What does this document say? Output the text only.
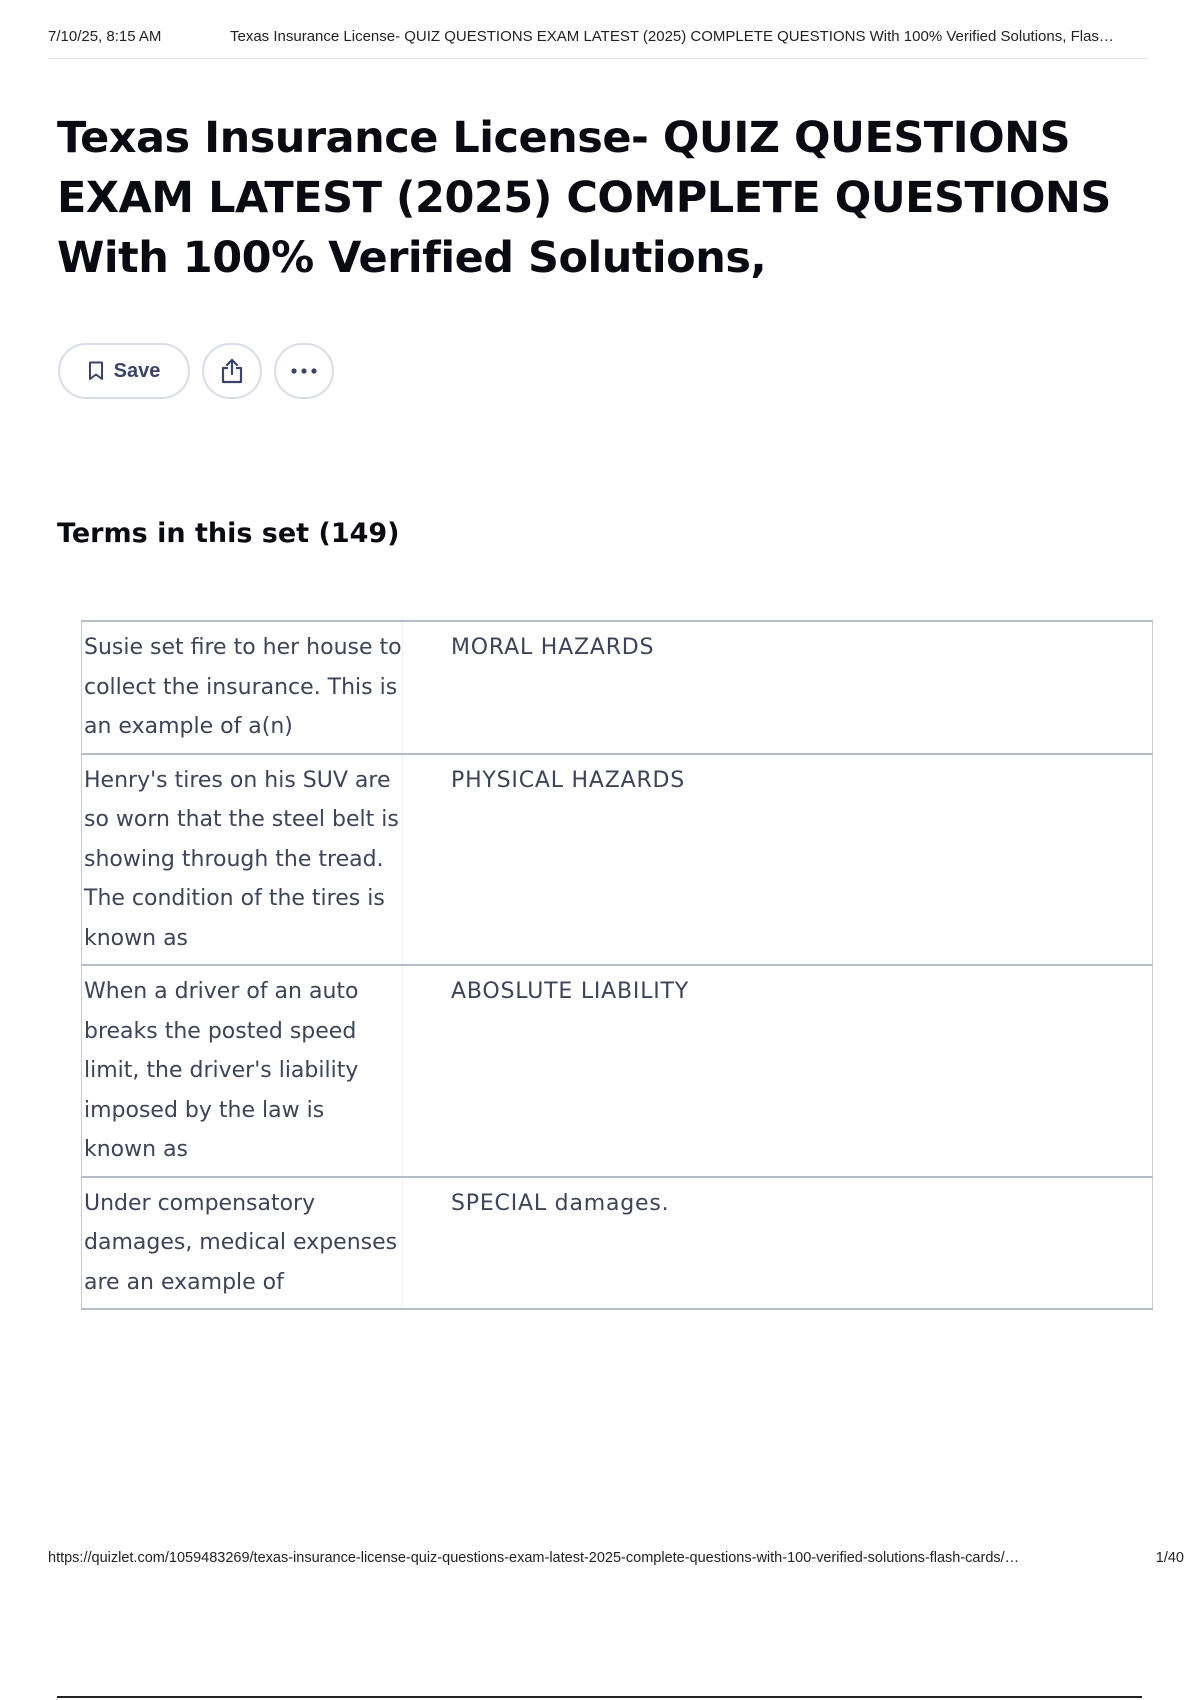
7/10/25, 8:15 AM	Texas Insurance License- QUIZ QUESTIONS EXAM LATEST (2025) COMPLETE QUESTIONS With 100% Verified Solutions, Flas…
Texas Insurance License- QUIZ QUESTIONS EXAM LATEST (2025) COMPLETE QUESTIONS With 100% Verified Solutions,
Save
Terms in this set (149)
Susie set fire to her house to collect the insurance. This is an example of a(n)	MORAL HAZARDS
Henry's tires on his SUV are so worn that the steel belt is showing through the tread. The condition of the tires is known as	PHYSICAL HAZARDS
When a driver of an auto breaks the posted speed limit, the driver's liability imposed by the law is known as	ABOSLUTE LIABILITY
Under compensatory damages, medical expenses are an example of	SPECIAL damages.
https://quizlet.com/1059483269/texas-insurance-license-quiz-questions-exam-latest-2025-complete-questions-with-100-verified-solutions-flash-cards/…	1/40
